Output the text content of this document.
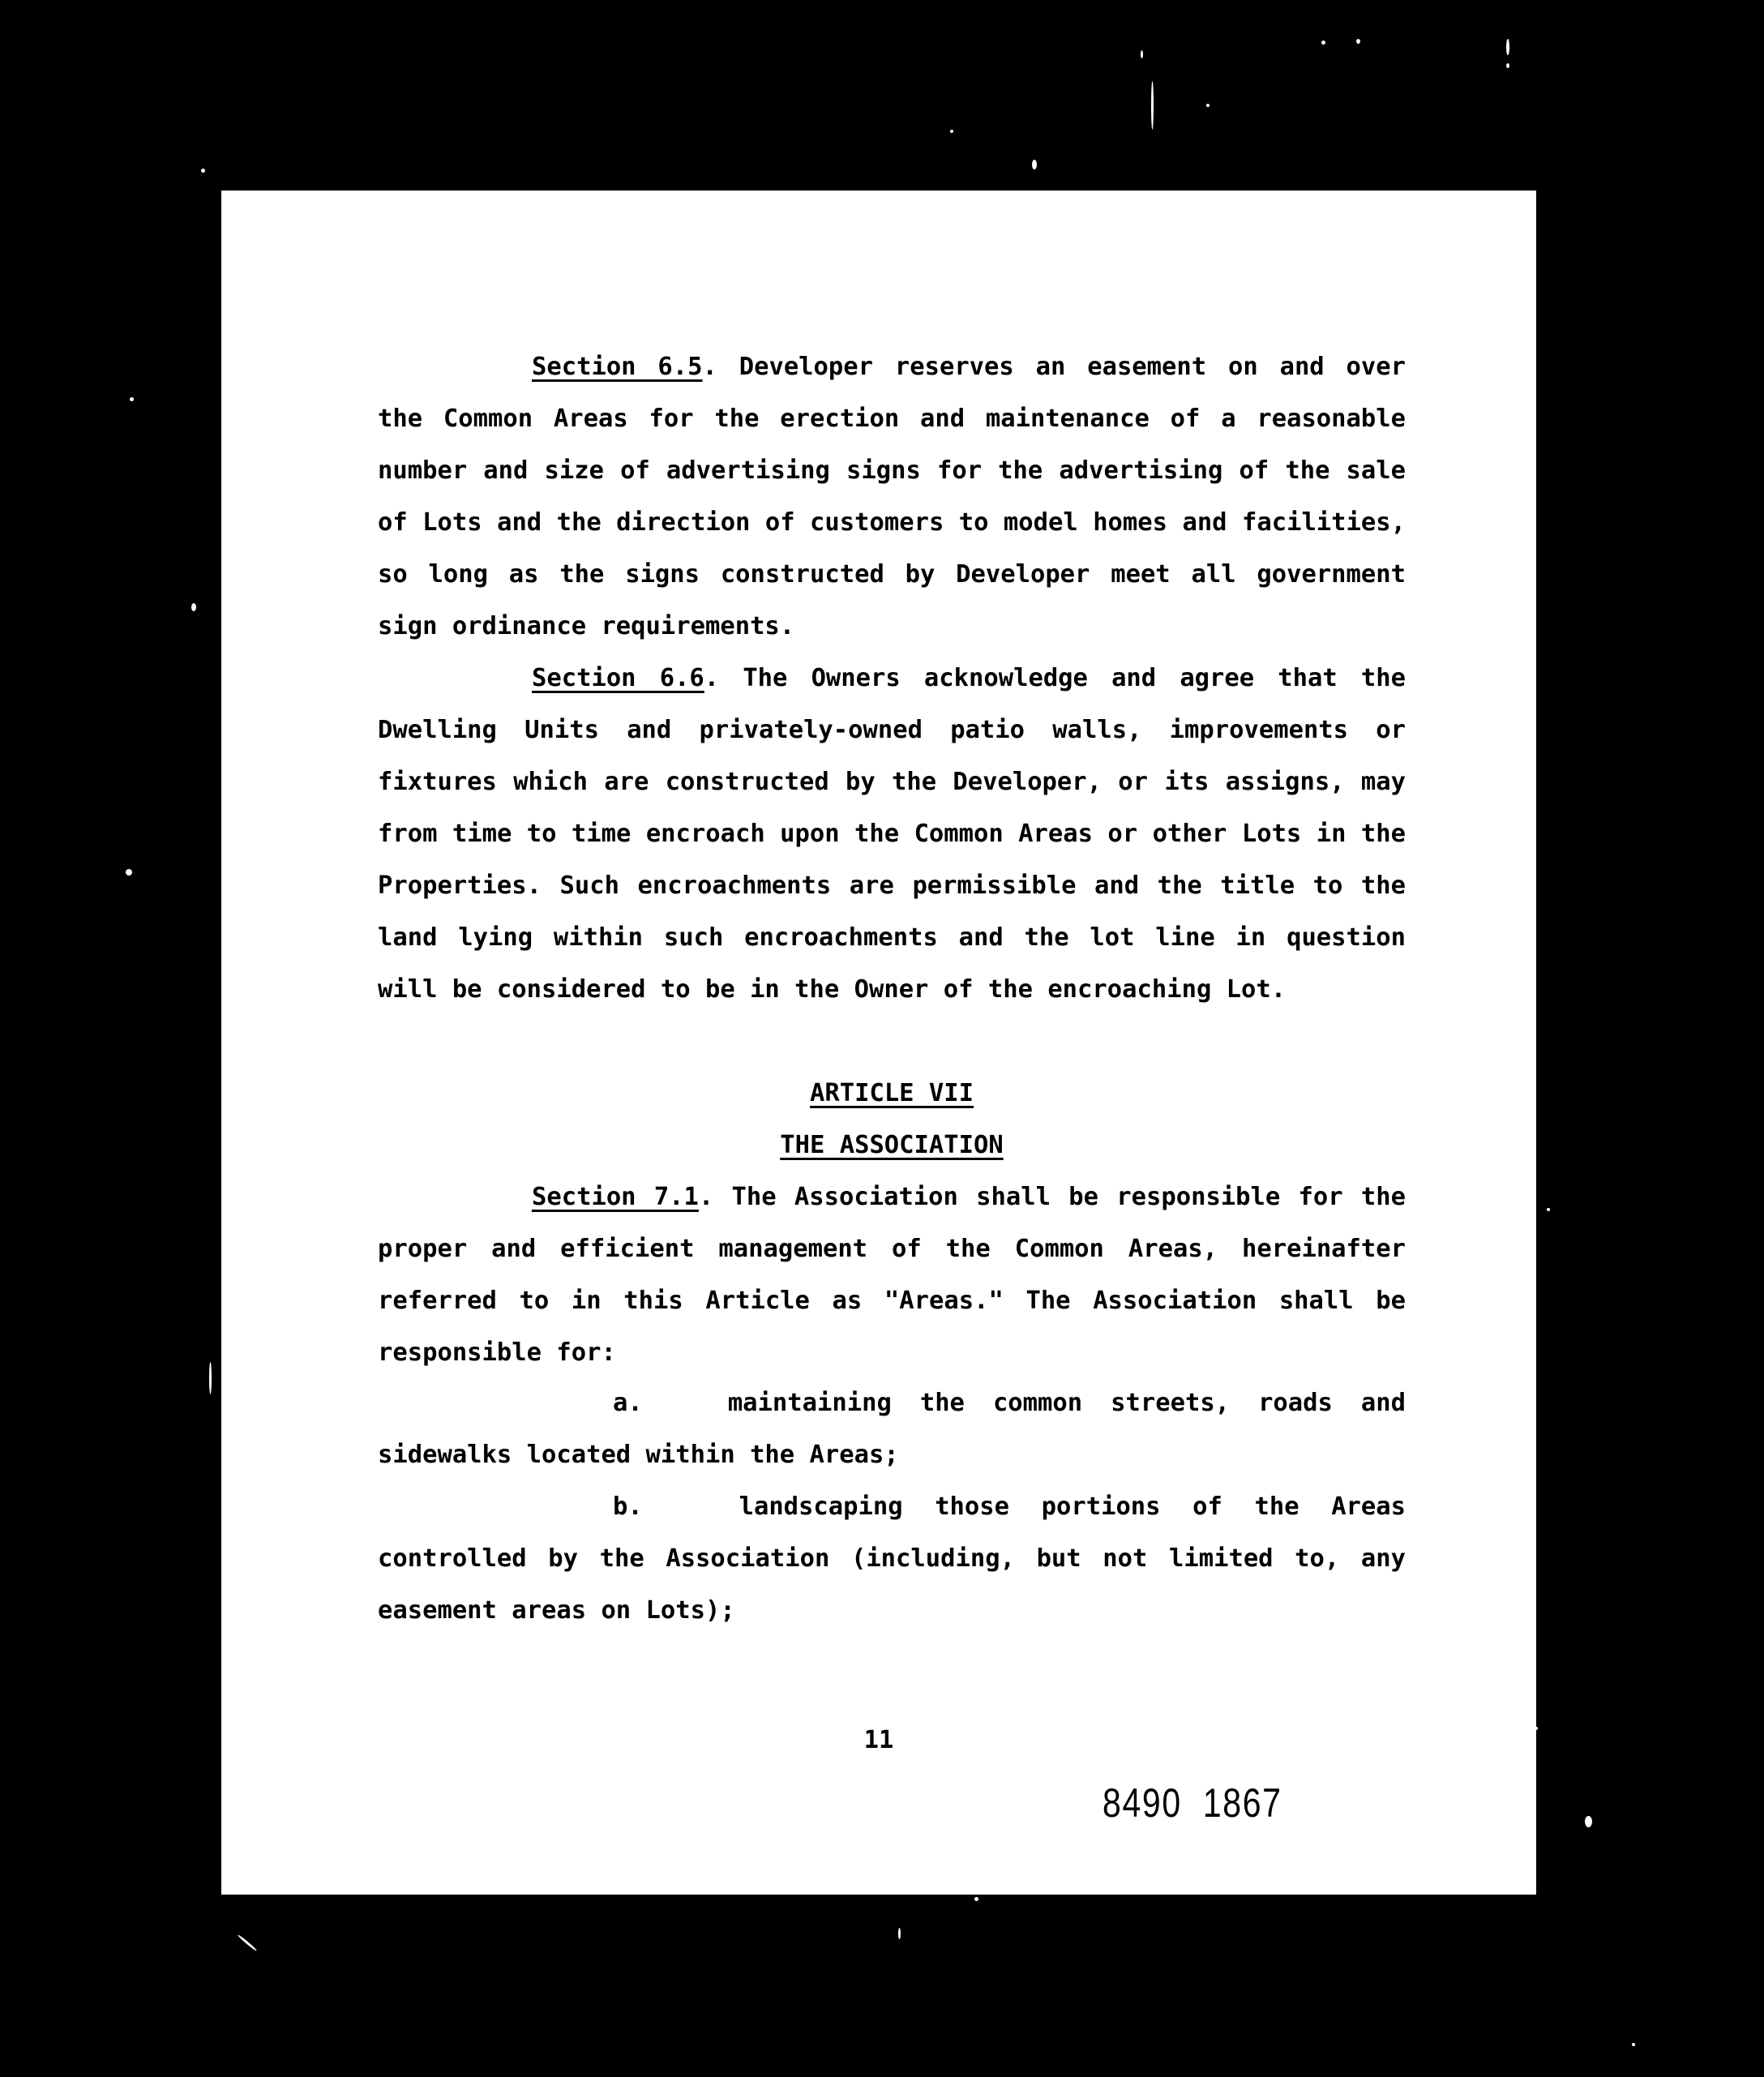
Section 6.5. Developer reserves an easement on and over the Common Areas for the erection and maintenance of a reasonable number and size of advertising signs for the advertising of the sale of Lots and the direction of customers to model homes and facilities, so long as the signs constructed by Developer meet all government sign ordinance requirements.

Section 6.6. The Owners acknowledge and agree that the Dwelling Units and privately-owned patio walls, improvements or fixtures which are constructed by the Developer, or its assigns, may from time to time encroach upon the Common Areas or other Lots in the Properties. Such encroachments are permissible and the title to the land lying within such encroachments and the lot line in question will be considered to be in the Owner of the encroaching Lot.

ARTICLE VII

THE ASSOCIATION

Section 7.1. The Association shall be responsible for the proper and efficient management of the Common Areas, hereinafter referred to in this Article as "Areas." The Association shall be responsible for:

a.	maintaining the common streets, roads and sidewalks located within the Areas;

b.	landscaping those portions of the Areas controlled by the Association (including, but not limited to, any easement areas on Lots);

11
8490  1867
